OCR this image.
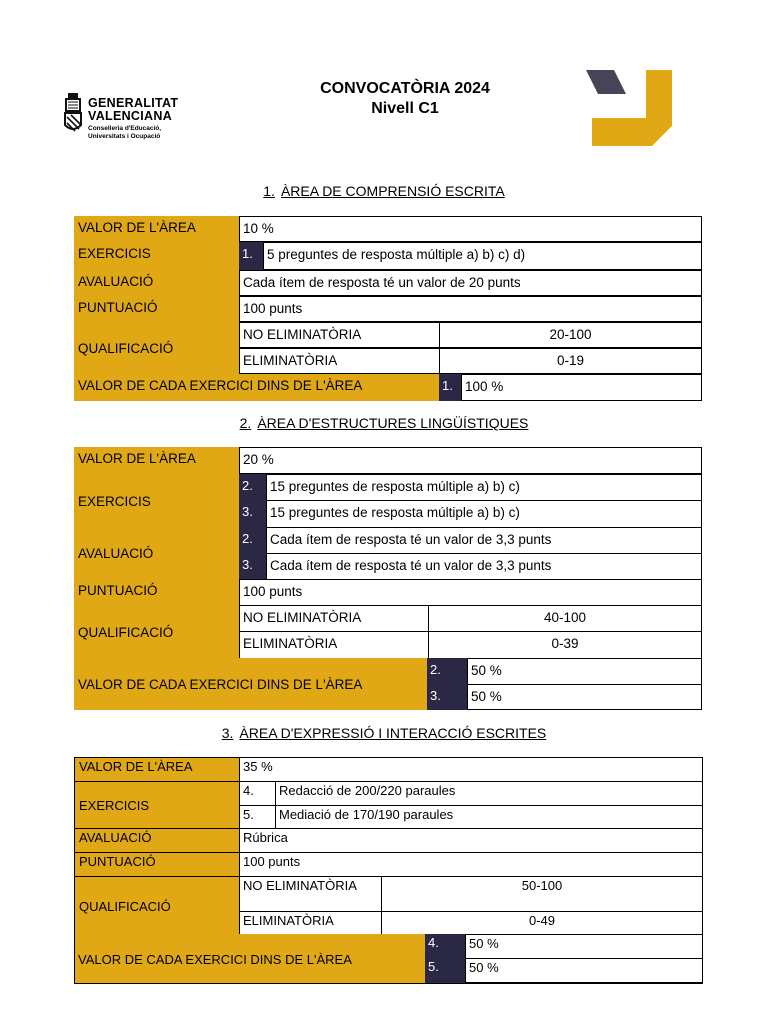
GENERALITAT
VALENCIANA
Conselleria d'Educació,
Universitats i Ocupació
CONVOCATÒRIA 2024
Nivell C1
1. ÀREA DE COMPRENSIÓ ESCRITA
VALOR DE L'ÀREA	10 %
EXERCICIS	1.	5 preguntes de resposta múltiple a) b) c) d)
AVALUACIÓ	Cada ítem de resposta té un valor de 20 punts
PUNTUACIÓ	100 punts
QUALIFICACIÓ
NO ELIMINATÒRIA	20-100
ELIMINATÒRIA	0-19
VALOR DE CADA EXERCICI DINS DE L'ÀREA	1. 100 %
2. ÀREA D'ESTRUCTURES LINGÜÍSTIQUES
VALOR DE L'ÀREA	20 %
EXERCICIS
2.	15 preguntes de resposta múltiple a) b) c)
3.	15 preguntes de resposta múltiple a) b) c)
AVALUACIÓ
2.	Cada ítem de resposta té un valor de 3,3 punts
3.	Cada ítem de resposta té un valor de 3,3 punts
PUNTUACIÓ	100 punts
QUALIFICACIÓ
NO ELIMINATÒRIA	40-100
ELIMINATÒRIA	0-39
VALOR DE CADA EXERCICI DINS DE L'ÀREA
2.	50 %
3.	50 %
3. ÀREA D'EXPRESSIÓ I INTERACCIÓ ESCRITES
VALOR DE L'ÀREA	35 %
EXERCICIS
4.	Redacció de 200/220 paraules
5.	Mediació de 170/190 paraules
AVALUACIÓ	Rúbrica
PUNTUACIÓ	100 punts
QUALIFICACIÓ
NO ELIMINATÒRIA	50-100
ELIMINATÒRIA	0-49
VALOR DE CADA EXERCICI DINS DE L'ÀREA
4.	50 %
5.	50 %
